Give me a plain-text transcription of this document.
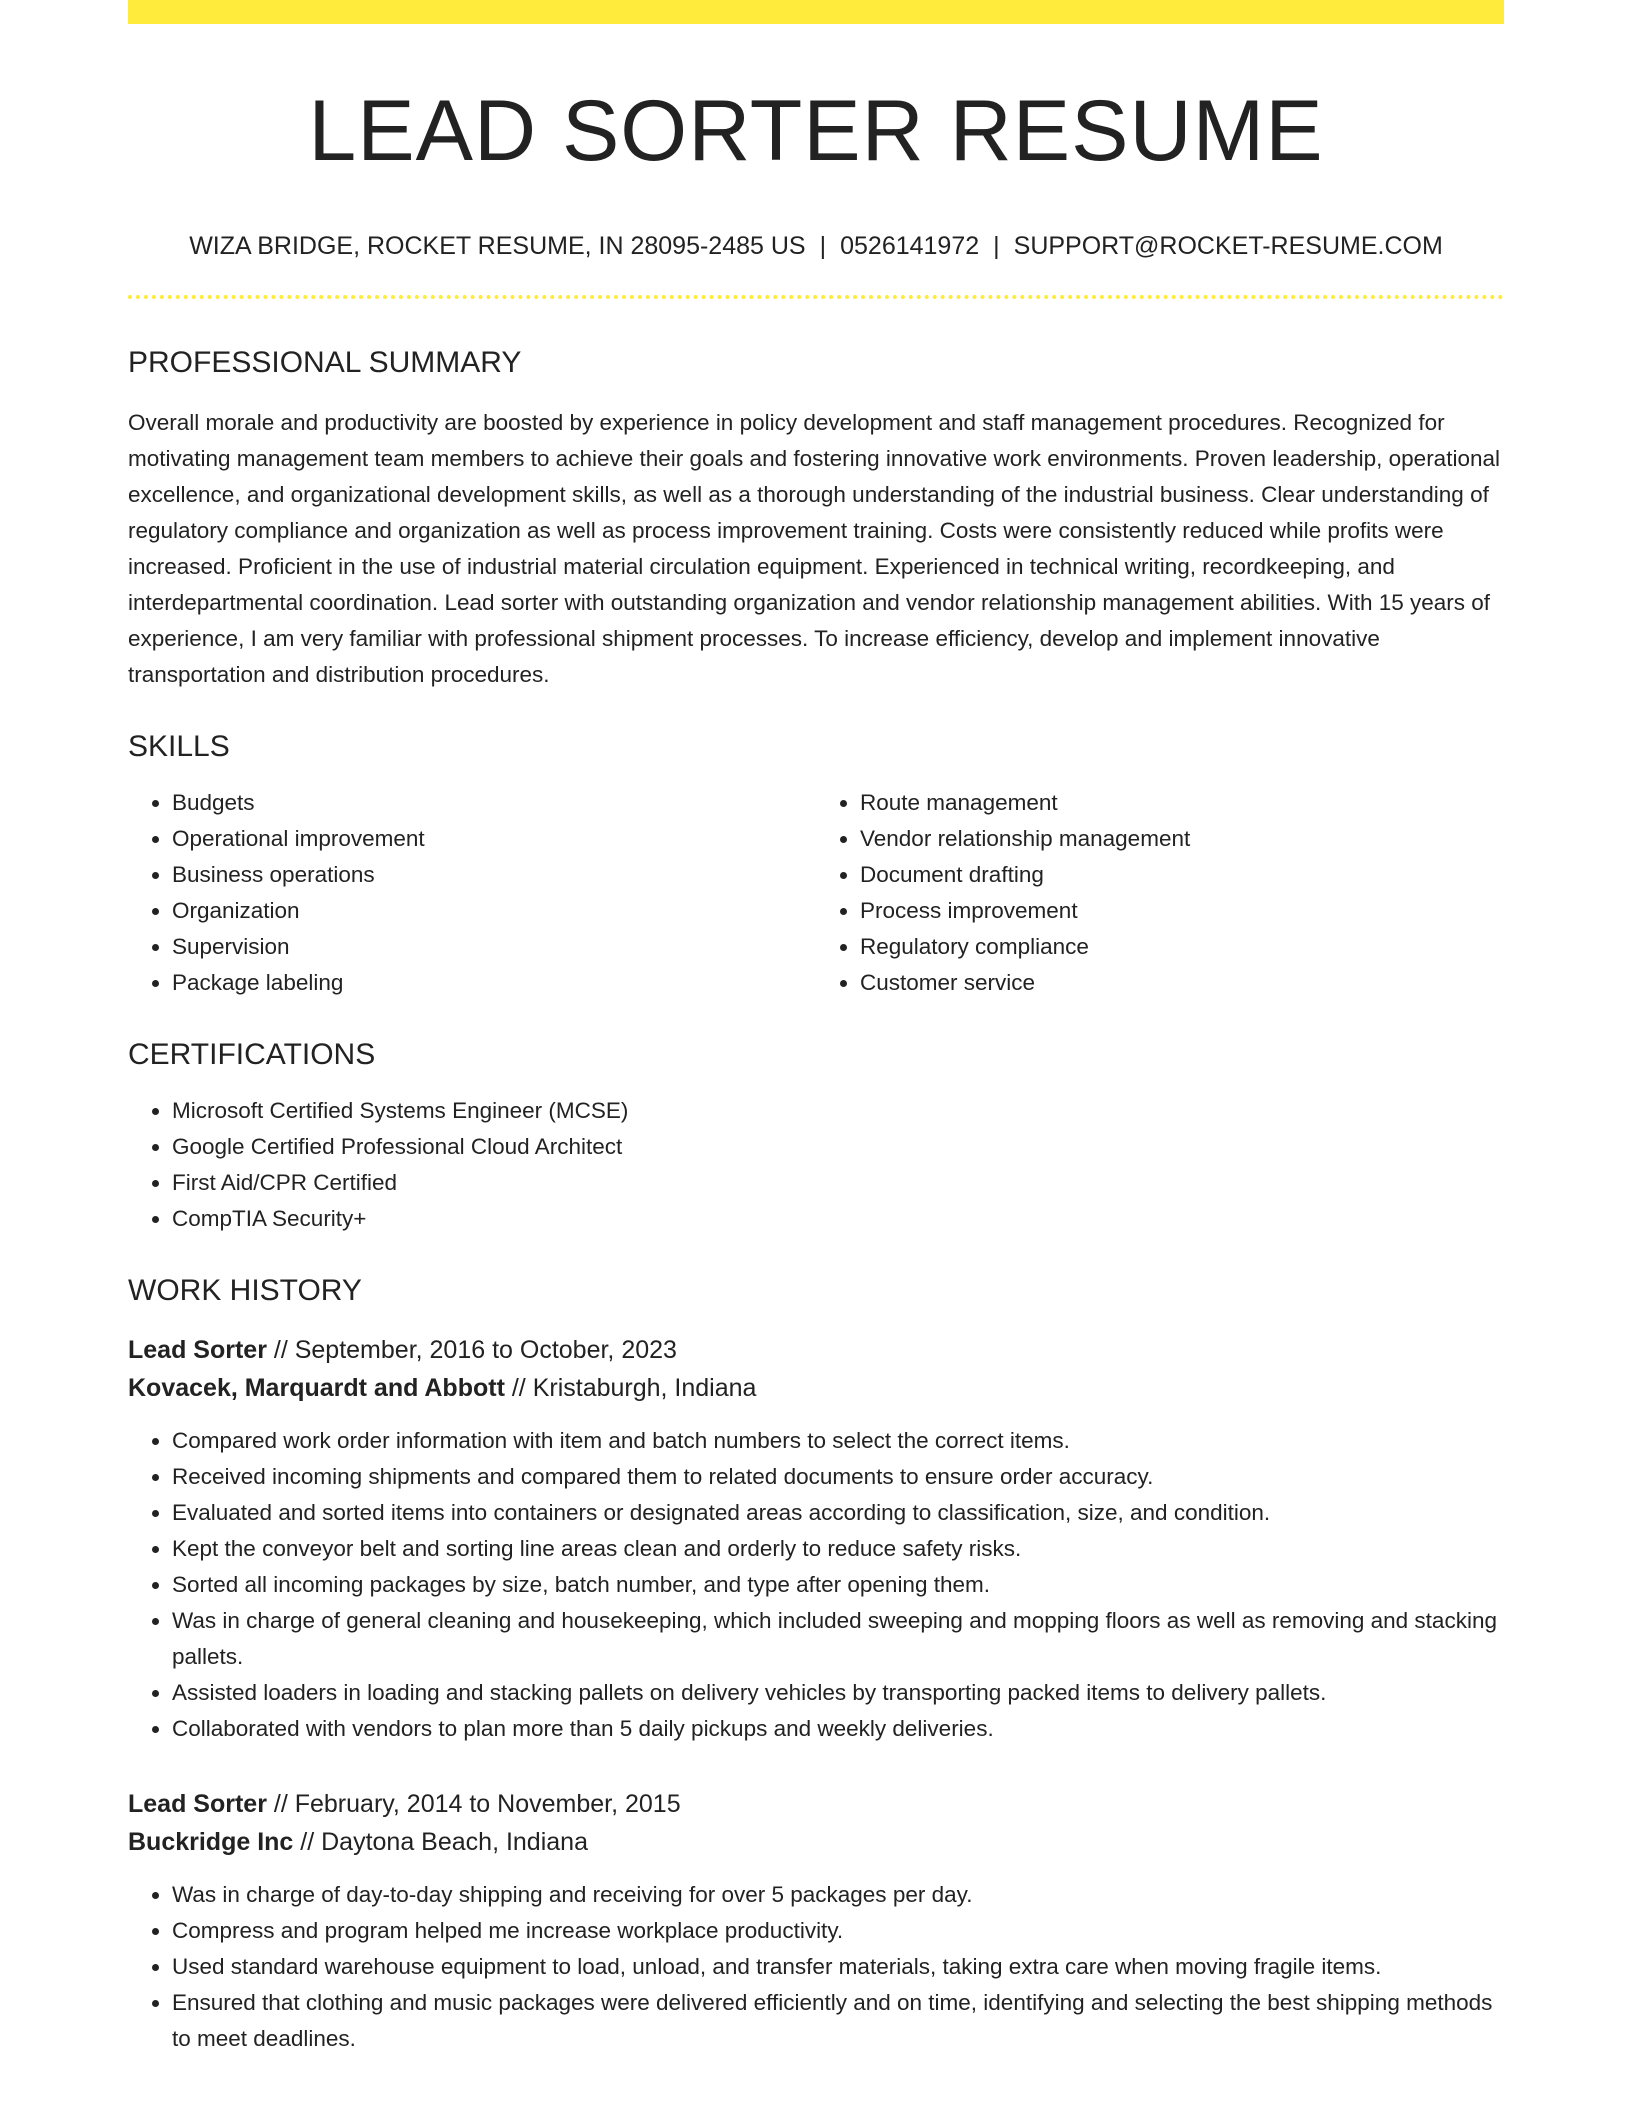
LEAD SORTER RESUME
WIZA BRIDGE, ROCKET RESUME, IN 28095-2485 US | 0526141972 | SUPPORT@ROCKET-RESUME.COM
PROFESSIONAL SUMMARY

Overall morale and productivity are boosted by experience in policy development and staff management procedures. Recognized for motivating management team members to achieve their goals and fostering innovative work environments. Proven leadership, operational excellence, and organizational development skills, as well as a thorough understanding of the industrial business. Clear understanding of regulatory compliance and organization as well as process improvement training. Costs were consistently reduced while profits were increased. Proficient in the use of industrial material circulation equipment. Experienced in technical writing, recordkeeping, and interdepartmental coordination. Lead sorter with outstanding organization and vendor relationship management abilities. With 15 years of experience, I am very familiar with professional shipment processes. To increase efficiency, develop and implement innovative transportation and distribution procedures.

SKILLS
• Budgets
• Operational improvement
• Business operations
• Organization
• Supervision
• Package labeling
• Route management
• Vendor relationship management
• Document drafting
• Process improvement
• Regulatory compliance
• Customer service
CERTIFICATIONS
• Microsoft Certified Systems Engineer (MCSE)
• Google Certified Professional Cloud Architect
• First Aid/CPR Certified
• CompTIA Security+
WORK HISTORY
Lead Sorter // September, 2016 to October, 2023
Kovacek, Marquardt and Abbott // Kristaburgh, Indiana
• Compared work order information with item and batch numbers to select the correct items.
• Received incoming shipments and compared them to related documents to ensure order accuracy.
• Evaluated and sorted items into containers or designated areas according to classification, size, and condition.
• Kept the conveyor belt and sorting line areas clean and orderly to reduce safety risks.
• Sorted all incoming packages by size, batch number, and type after opening them.
• Was in charge of general cleaning and housekeeping, which included sweeping and mopping floors as well as removing and stacking pallets.
• Assisted loaders in loading and stacking pallets on delivery vehicles by transporting packed items to delivery pallets.
• Collaborated with vendors to plan more than 5 daily pickups and weekly deliveries.
Lead Sorter // February, 2014 to November, 2015
Buckridge Inc // Daytona Beach, Indiana
• Was in charge of day-to-day shipping and receiving for over 5 packages per day.
• Compress and program helped me increase workplace productivity.
• Used standard warehouse equipment to load, unload, and transfer materials, taking extra care when moving fragile items.
• Ensured that clothing and music packages were delivered efficiently and on time, identifying and selecting the best shipping methods to meet deadlines.
